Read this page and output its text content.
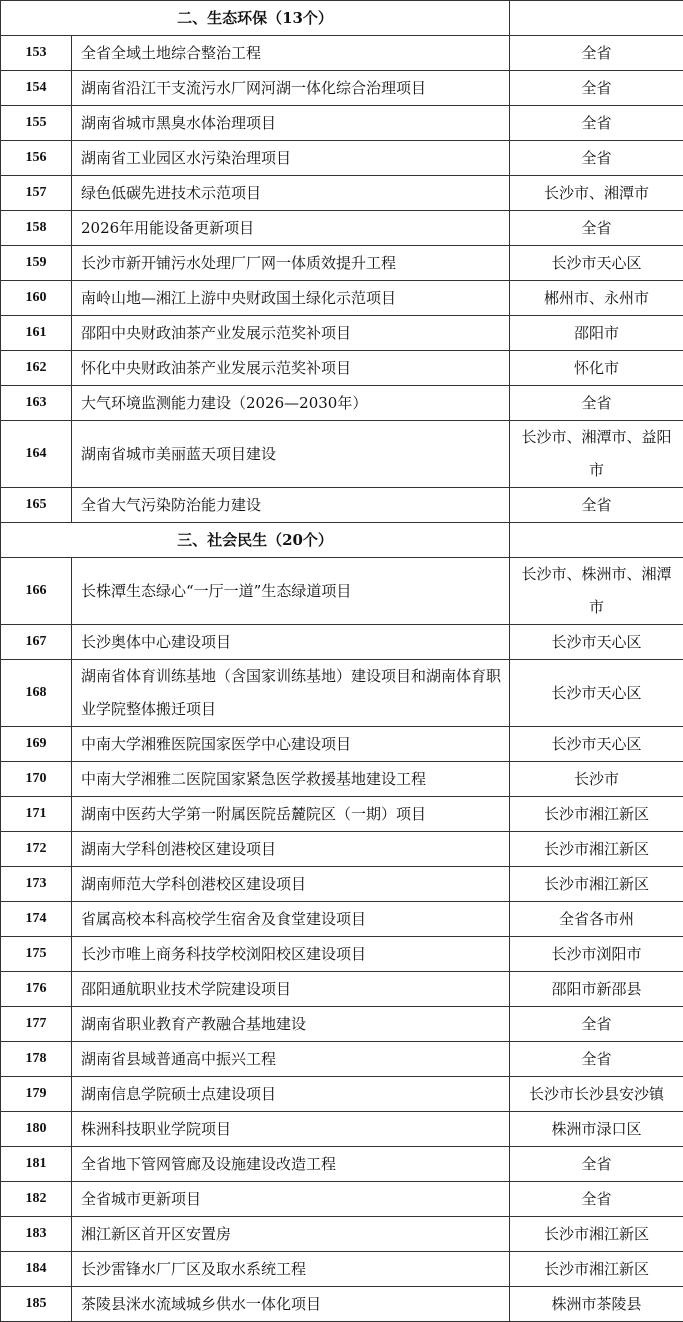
二、生态环保（13个）		
153	全省全域土地综合整治工程	全省
154	湖南省沿江干支流污水厂网河湖一体化综合治理项目	全省
155	湖南省城市黑臭水体治理项目	全省
156	湖南省工业园区水污染治理项目	全省
157	绿色低碳先进技术示范项目	长沙市、湘潭市
158	2026年用能设备更新项目	全省
159	长沙市新开铺污水处理厂厂网一体质效提升工程	长沙市天心区
160	南岭山地—湘江上游中央财政国土绿化示范项目	郴州市、永州市
161	邵阳中央财政油茶产业发展示范奖补项目	邵阳市
162	怀化中央财政油茶产业发展示范奖补项目	怀化市
163	大气环境监测能力建设（2026—2030年）	全省
164	湖南省城市美丽蓝天项目建设	长沙市、湘潭市、益阳市
165	全省大气污染防治能力建设	全省
三、社会民生（20个）		
166	长株潭生态绿心“一厅一道”生态绿道项目	长沙市、株洲市、湘潭市
167	长沙奥体中心建设项目	长沙市天心区
168	湖南省体育训练基地（含国家训练基地）建设项目和湖南体育职业学院整体搬迁项目	长沙市天心区
169	中南大学湘雅医院国家医学中心建设项目	长沙市天心区
170	中南大学湘雅二医院国家紧急医学救援基地建设工程	长沙市
171	湖南中医药大学第一附属医院岳麓院区（一期）项目	长沙市湘江新区
172	湖南大学科创港校区建设项目	长沙市湘江新区
173	湖南师范大学科创港校区建设项目	长沙市湘江新区
174	省属高校本科高校学生宿舍及食堂建设项目	全省各市州
175	长沙市唯上商务科技学校浏阳校区建设项目	长沙市浏阳市
176	邵阳通航职业技术学院建设项目	邵阳市新邵县
177	湖南省职业教育产教融合基地建设	全省
178	湖南省县域普通高中振兴工程	全省
179	湖南信息学院硕士点建设项目	长沙市长沙县安沙镇
180	株洲科技职业学院项目	株洲市渌口区
181	全省地下管网管廊及设施建设改造工程	全省
182	全省城市更新项目	全省
183	湘江新区首开区安置房	长沙市湘江新区
184	长沙雷锋水厂厂区及取水系统工程	长沙市湘江新区
185	茶陵县洣水流域城乡供水一体化项目	株洲市茶陵县
